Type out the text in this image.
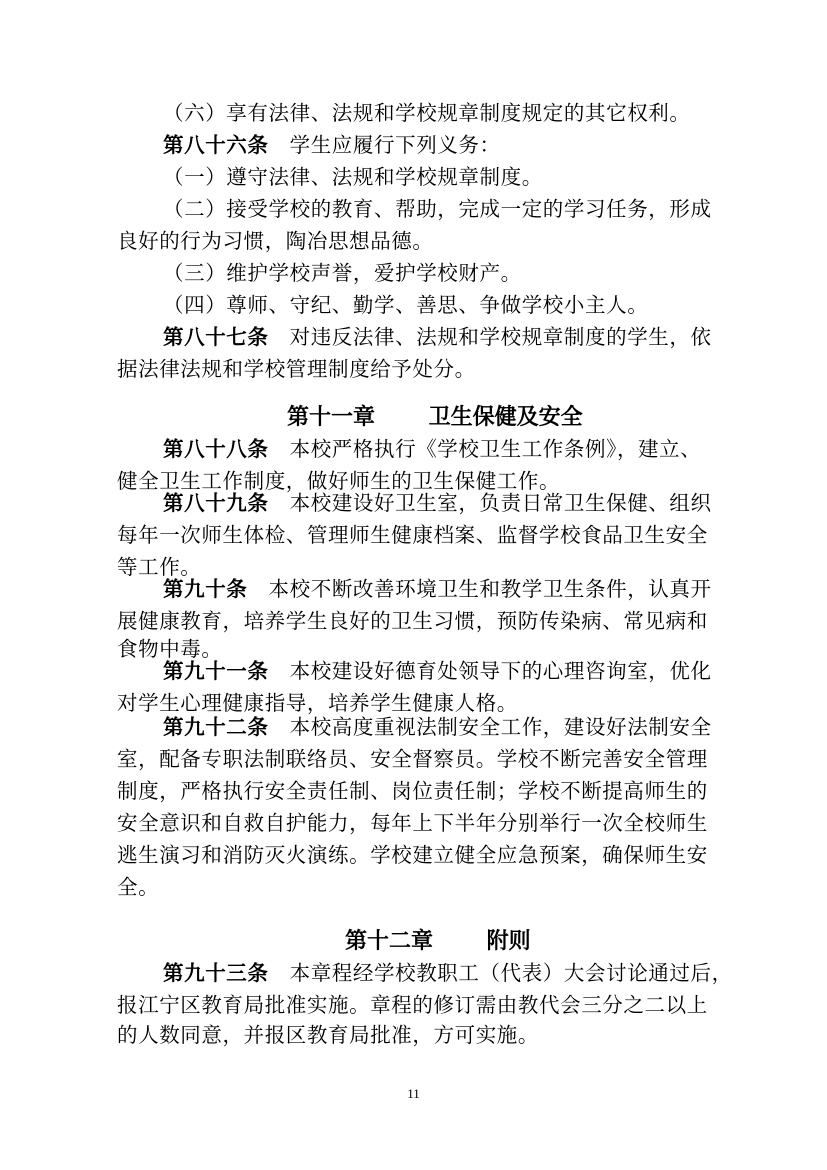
（六）享有法律、法规和学校规章制度规定的其它权利。
第八十六条　 学生应履行下列义务：
（一）遵守法律、法规和学校规章制度。
（二）接受学校的教育、帮助，完成一定的学习任务，形成
良好的行为习惯，陶冶思想品德。
（三）维护学校声誉，爱护学校财产。
（四）尊师、守纪、勤学、善思、争做学校小主人。
第八十七条　 对违反法律、法规和学校规章制度的学生，依
据法律法规和学校管理制度给予处分。
第十一章 卫生保健及安全
第八十八条　 本校严格执行《学校卫生工作条例》，建立、
健全卫生工作制度，做好师生的卫生保健工作。
第八十九条　 本校建设好卫生室，负责日常卫生保健、组织
每年一次师生体检、管理师生健康档案、监督学校食品卫生安全
等工作。
第九十条　 本校不断改善环境卫生和教学卫生条件，认真开
展健康教育，培养学生良好的卫生习惯，预防传染病、常见病和
食物中毒。
第九十一条　 本校建设好德育处领导下的心理咨询室，优化
对学生心理健康指导，培养学生健康人格。
第九十二条　 本校高度重视法制安全工作，建设好法制安全
室，配备专职法制联络员、安全督察员。学校不断完善安全管理
制度，严格执行安全责任制、岗位责任制；学校不断提高师生的
安全意识和自救自护能力，每年上下半年分别举行一次全校师生
逃生演习和消防灭火演练。学校建立健全应急预案，确保师生安
全。
第十二章 附则
第九十三条　 本章程经学校教职工（代表）大会讨论通过后，
报江宁区教育局批准实施。章程的修订需由教代会三分之二以上
的人数同意，并报区教育局批准，方可实施。
11
